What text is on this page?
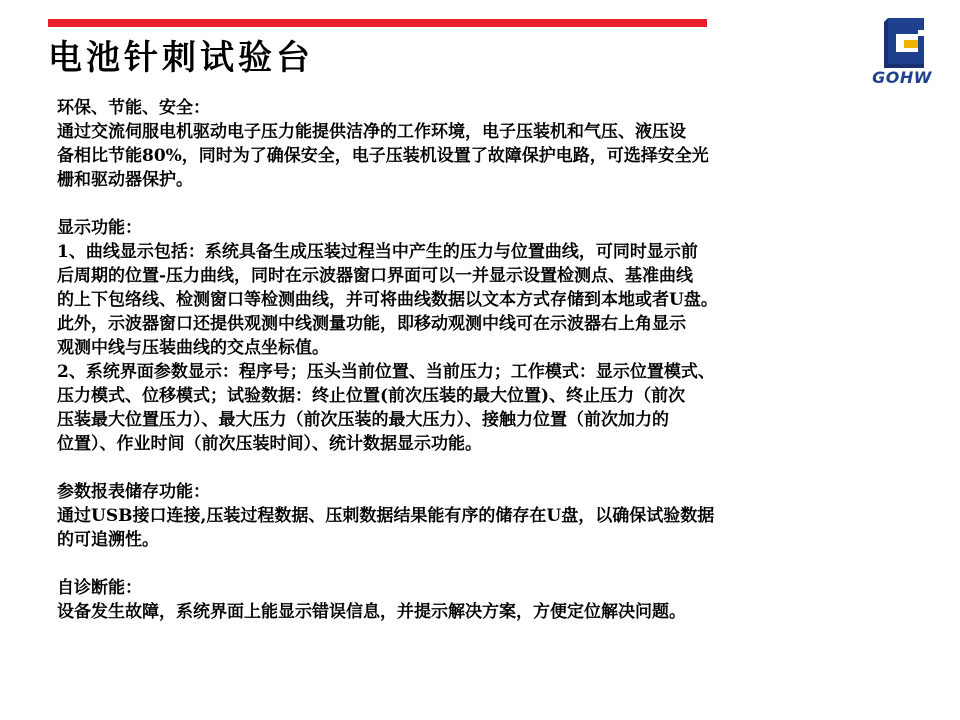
电池针刺试验台	GOHW
环保、节能、安全：
通过交流伺服电机驱动电子压力能提供洁净的工作环境，电子压装机和气压、液压设
备相比节能80%，同时为了确保安全，电子压装机设置了故障保护电路，可选择安全光
栅和驱动器保护。
显示功能：
1、曲线显示包括：系统具备生成压装过程当中产生的压力与位置曲线，可同时显示前
后周期的位置-压力曲线，同时在示波器窗口界面可以一并显示设置检测点、基准曲线
的上下包络线、检测窗口等检测曲线，并可将曲线数据以文本方式存储到本地或者U盘。
此外，示波器窗口还提供观测中线测量功能，即移动观测中线可在示波器右上角显示
观测中线与压装曲线的交点坐标值。
2、系统界面参数显示：程序号；压头当前位置、当前压力；工作模式：显示位置模式、
压力模式、位移模式；试验数据：终止位置(前次压装的最大位置)、终止压力（前次
压装最大位置压力）、最大压力（前次压装的最大压力）、接触力位置（前次加力的
位置）、作业时间（前次压装时间）、统计数据显示功能。
参数报表储存功能：
通过USB接口连接,压装过程数据、压刺数据结果能有序的储存在U盘，以确保试验数据
的可追溯性。
自诊断能：
设备发生故障，系统界面上能显示错误信息，并提示解决方案，方便定位解决问题。
